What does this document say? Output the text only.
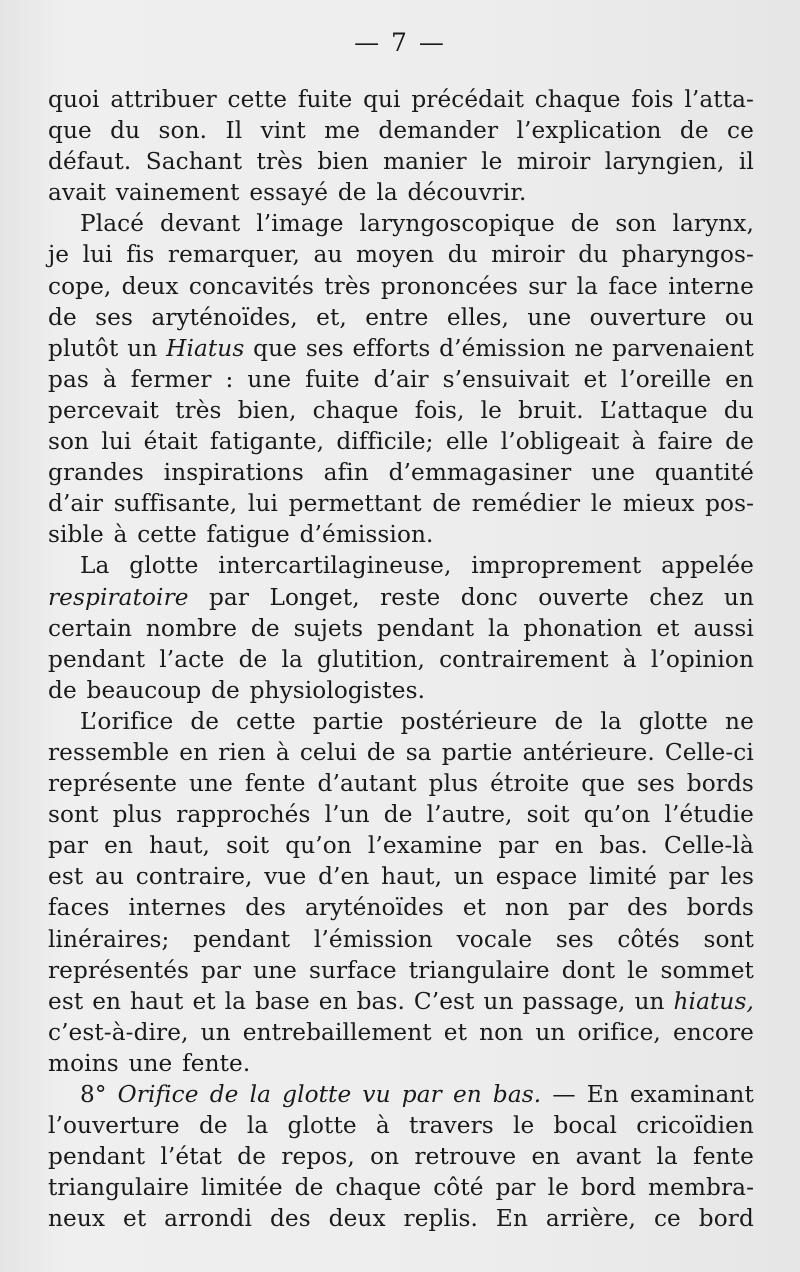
— 7 —
quoi attribuer cette fuite qui précédait chaque fois l’atta-
que du son. Il vint me demander l’explication de ce
défaut. Sachant très bien manier le miroir laryngien, il
avait vainement essayé de la découvrir.
Placé devant l’image laryngoscopique de son larynx,
je lui fis remarquer, au moyen du miroir du pharyngos-
cope, deux concavités très prononcées sur la face interne
de ses aryténoïdes, et, entre elles, une ouverture ou
plutôt un Hiatus que ses efforts d’émission ne parvenaient
pas à fermer : une fuite d’air s’ensuivait et l’oreille en
percevait très bien, chaque fois, le bruit. L’attaque du
son lui était fatigante, difficile; elle l’obligeait à faire de
grandes inspirations afin d’emmagasiner une quantité
d’air suffisante, lui permettant de remédier le mieux pos-
sible à cette fatigue d’émission.
La glotte intercartilagineuse, improprement appelée
respiratoire par Longet, reste donc ouverte chez un
certain nombre de sujets pendant la phonation et aussi
pendant l’acte de la glutition, contrairement à l’opinion
de beaucoup de physiologistes.
L’orifice de cette partie postérieure de la glotte ne
ressemble en rien à celui de sa partie antérieure. Celle-ci
représente une fente d’autant plus étroite que ses bords
sont plus rapprochés l’un de l’autre, soit qu’on l’étudie
par en haut, soit qu’on l’examine par en bas. Celle-là
est au contraire, vue d’en haut, un espace limité par les
faces internes des aryténoïdes et non par des bords
linéraires; pendant l’émission vocale ses côtés sont
représentés par une surface triangulaire dont le sommet
est en haut et la base en bas. C’est un passage, un hiatus,
c’est-à-dire, un entrebaillement et non un orifice, encore
moins une fente.
8° Orifice de la glotte vu par en bas. — En examinant
l’ouverture de la glotte à travers le bocal cricoïdien
pendant l’état de repos, on retrouve en avant la fente
triangulaire limitée de chaque côté par le bord membra-
neux et arrondi des deux replis. En arrière, ce bord
